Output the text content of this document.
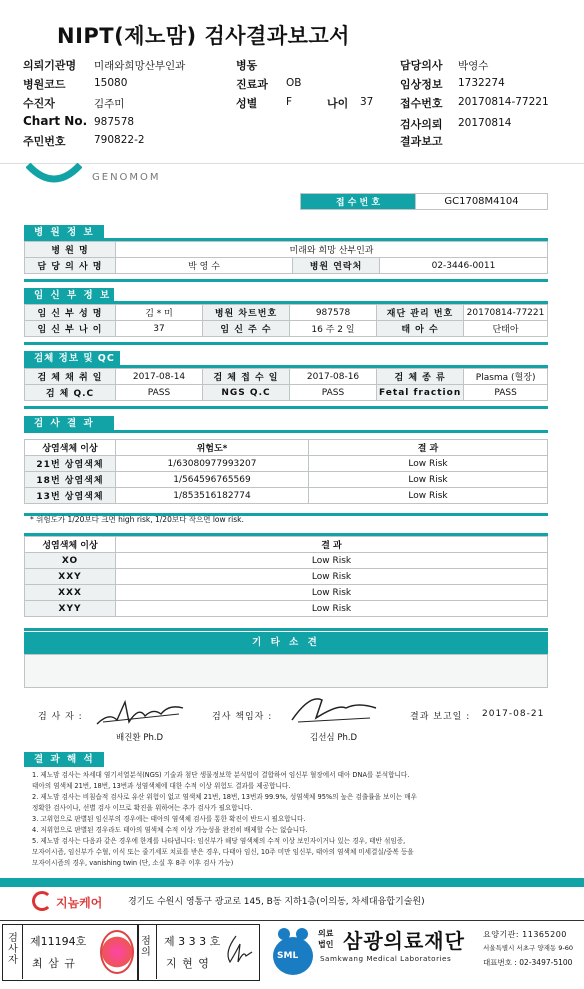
NIPT(제노맘) 검사결과보고서
의뢰기관명 미래와희망산부인과
병원코드	15080
수진자	김주미
Chart No. 987578
주민번호	790822-2
병동
진료과 OB
성별	F	나이 37
담당의사 박영수
임상정보 1732274
접수번호 20170814-77221
검사의뢰 20170814
결과보고
GENOMOM
접 수 번 호	GC1708M4104
병 원 정 보
병 원 명	미래와 희망 산부인과		
담 당 의 사 명	박 영 수	병원 연락처	02-3446-0011
임 신 부 정 보
임 신 부 성 명	김 * 미	병원 차트번호	987578	재단 관리 번호	20170814-77221
임 신 부 나 이	37	임 신 주 수	16 주 2 일	태 아 수	단태아
검체 정보 및 QC
검 체 채 취 일	2017-08-14	검 체 접 수 일	2017-08-16	검 체 종 류	Plasma (혈장)
검 체 Q.C	PASS	NGS Q.C	PASS	Fetal fraction	PASS
검 사 결 과
상염색체 이상	위험도*	결 과
21번 상염색체	1/63080977993207	Low Risk
18번 상염색체	1/564596765569	Low Risk
13번 상염색체	1/853516182774	Low Risk
* 위험도가 1/20보다 크면 high risk, 1/20보다 작으면 low risk.
성염색체 이상	결 과
XO	Low Risk
XXY	Low Risk
XXX	Low Risk
XYY	Low Risk
기 타 소 견
검 사 자 :
배진환 Ph.D
검사 책임자 :
김선심 Ph.D
결과 보고일 : 2017-08-21
결 과 해 석
1. 제노맘 검사는 차세대 염기서열분석(NGS) 기술과 첨단 생물정보학 분석법이 결합하여 임신부 혈장에서 태아 DNA를 분석합니다.
태아의 염색체 21번, 18번, 13번과 성염색체에 대한 수적 이상 위험도 결과를 제공합니다.
2. 제노맘 검사는 비침습적 검사로 유산 위험이 없고 염색체 21번, 18번, 13번과 99.9%, 성염색체 95%의 높은 검출률을 보이는 매우
정확한 검사이나, 선별 검사 이므로 확진을 위하여는 추가 검사가 필요합니다.
3. 고위험으로 판별된 임신부의 경우에는 태아의 염색체 검사를 통한 확진이 반드시 필요합니다.
4. 저위험으로 판별된 경우라도 태아의 염색체 수적 이상 가능성을 완전히 배제할 수는 없습니다.
5. 제노맘 검사는 다음과 같은 경우에 한계를 나타냅니다: 임신부가 해당 염색체의 수적 이상 보인자이거나 있는 경우, 태반 섞임증,
모자이시즘, 임신부가 수혈, 이식 또는 줄기세포 치료를 받은 경우, 다태아 임신, 10주 미만 임신부, 태아의 염색체 미세결실/중복 등을
모자이시즘의 경우, vanishing twin (단, 소실 후 8주 이후 검사 가능)
지놈케어	경기도 수원시 영통구 광교로 145, B동 지하1층(이의동, 차세대융합기술원)
검
사
자
제11194호
최 삼 규
점
의
제 3 3 3 호
지 현 영
SML
의료
법인 삼광의료재단
Samkwang Medical Laboratories
요양기관: 11365200
서울특별시 서초구 양재동 9-60
대표번호 : 02-3497-5100
